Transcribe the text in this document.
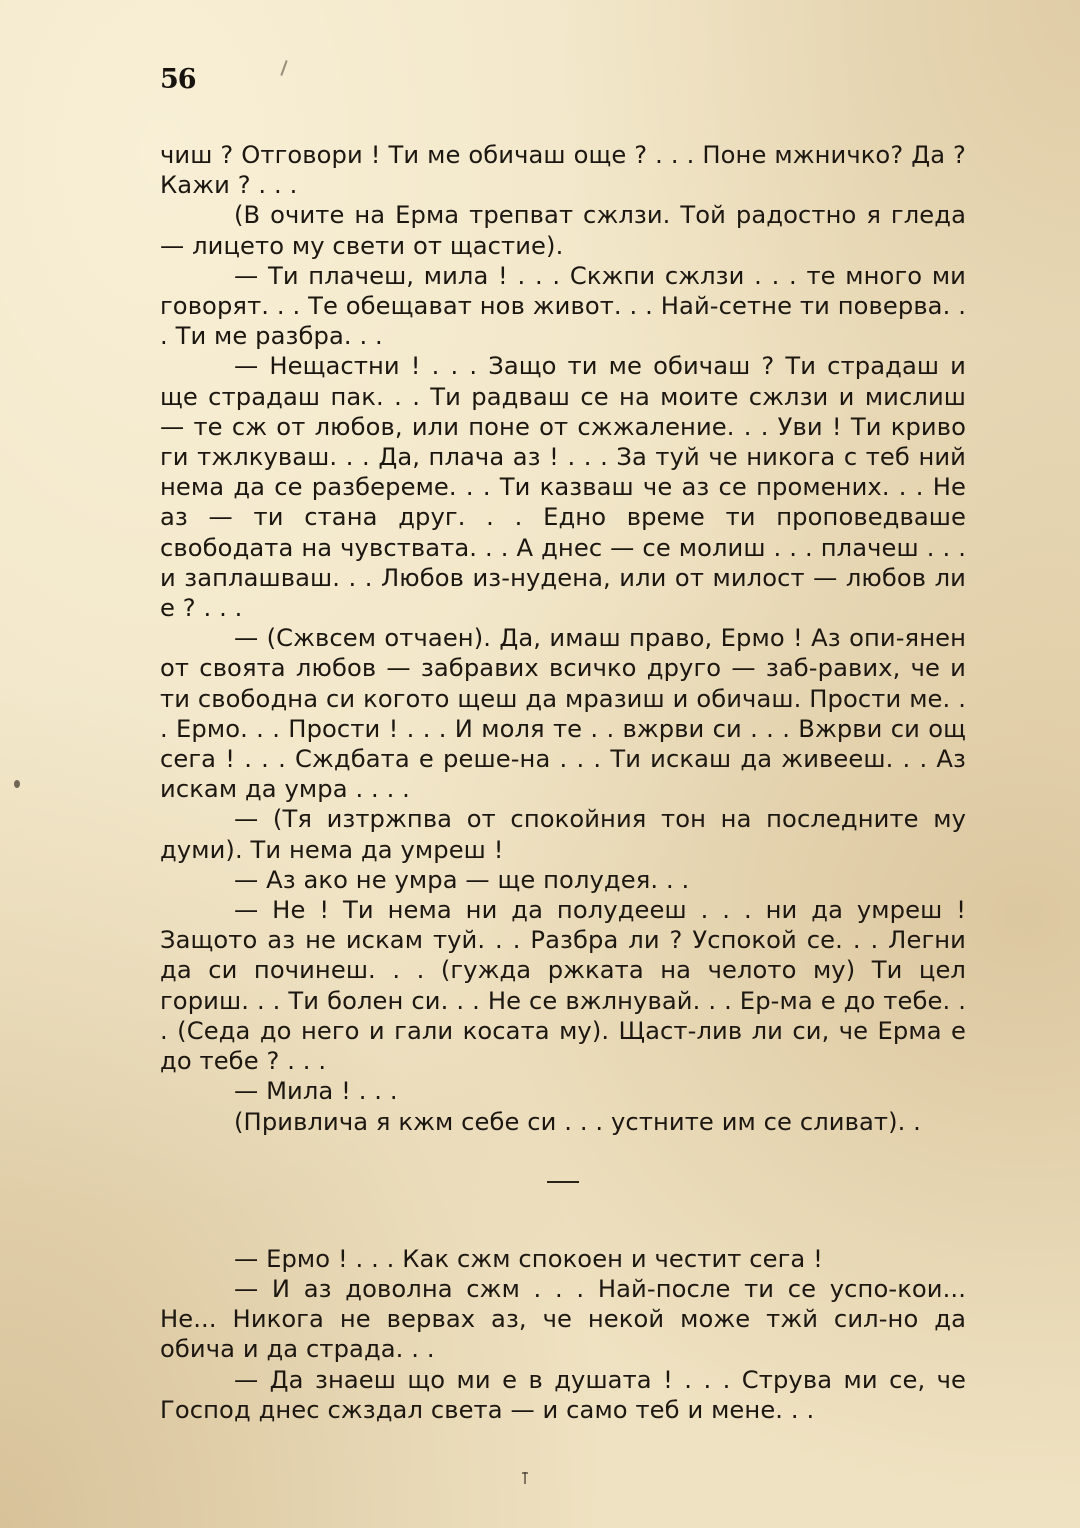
56

чиш ? Отговори ! Ти ме обичаш още ? . . . Поне мжничко? Да ? Кажи ? . . .

(В очите на Ерма трепват сжлзи. Той радостно я гледа — лицето му свети от щастие).

— Ти плачеш, мила ! . . . Скжпи сжлзи . . . те много ми говорят. . . Те обещават нов живот. . . Най-сетне ти поверва. . . Ти ме разбра. . .

— Нещастни ! . . . Защо ти ме обичаш ? Ти страдаш и ще страдаш пак. . . Ти радваш се на моите сжлзи и мислиш — те сж от любов, или поне от сжжаление. . . Уви ! Ти криво ги тжлкуваш. . . Да, плача аз ! . . . За туй че никога с теб ний нема да се разбереме. . . Ти казваш че аз се промених. . . Не аз — ти стана друг. . . Едно време ти проповедваше свободата на чувствата. . . А днес — се молиш . . . плачеш . . . и заплашваш. . . Любов из-нудена, или от милост — любов ли е ? . . .

— (Сжвсем отчаен). Да, имаш право, Ермо ! Аз опи-янен от своята любов — забравих всичко друго — заб-равих, че и ти свободна си когото щеш да мразиш и обичаш. Прости ме. . . Ермо. . . Прости ! . . . И моля те . . вжрви си . . . Вжрви си ощ сега ! . . . Сждбата е реше-на . . . Ти искаш да живееш. . . Аз искам да умра . . . .

— (Тя изтржпва от спокойния тон на последните му думи). Ти нема да умреш !

— Аз ако не умра — ще полудея. . .

— Не ! Ти нема ни да полудееш . . . ни да умреш ! Защото аз не искам туй. . . Разбра ли ? Успокой се. . . Легни да си починеш. . . (гужда ржката на челото му) Ти цел гориш. . . Ти болен си. . . Не се вжлнувай. . . Ер-ма е до тебе. . . (Седа до него и гали косата му). Щаст-лив ли си, че Ерма е до тебе ? . . .

— Мила ! . . .

(Привлича я кжм себе си . . . устните им се сливат). .

— Ермо ! . . . Как сжм спокоен и честит сега !

— И аз доволна сжм . . . Най-после ти се успо-кои... Не... Никога не вервах аз, че некой може тжй сил-но да обича и да страда. . .

— Да знаеш що ми е в душата ! . . . Струва ми се, че Господ днес сжздал света — и само теб и мене. . .
